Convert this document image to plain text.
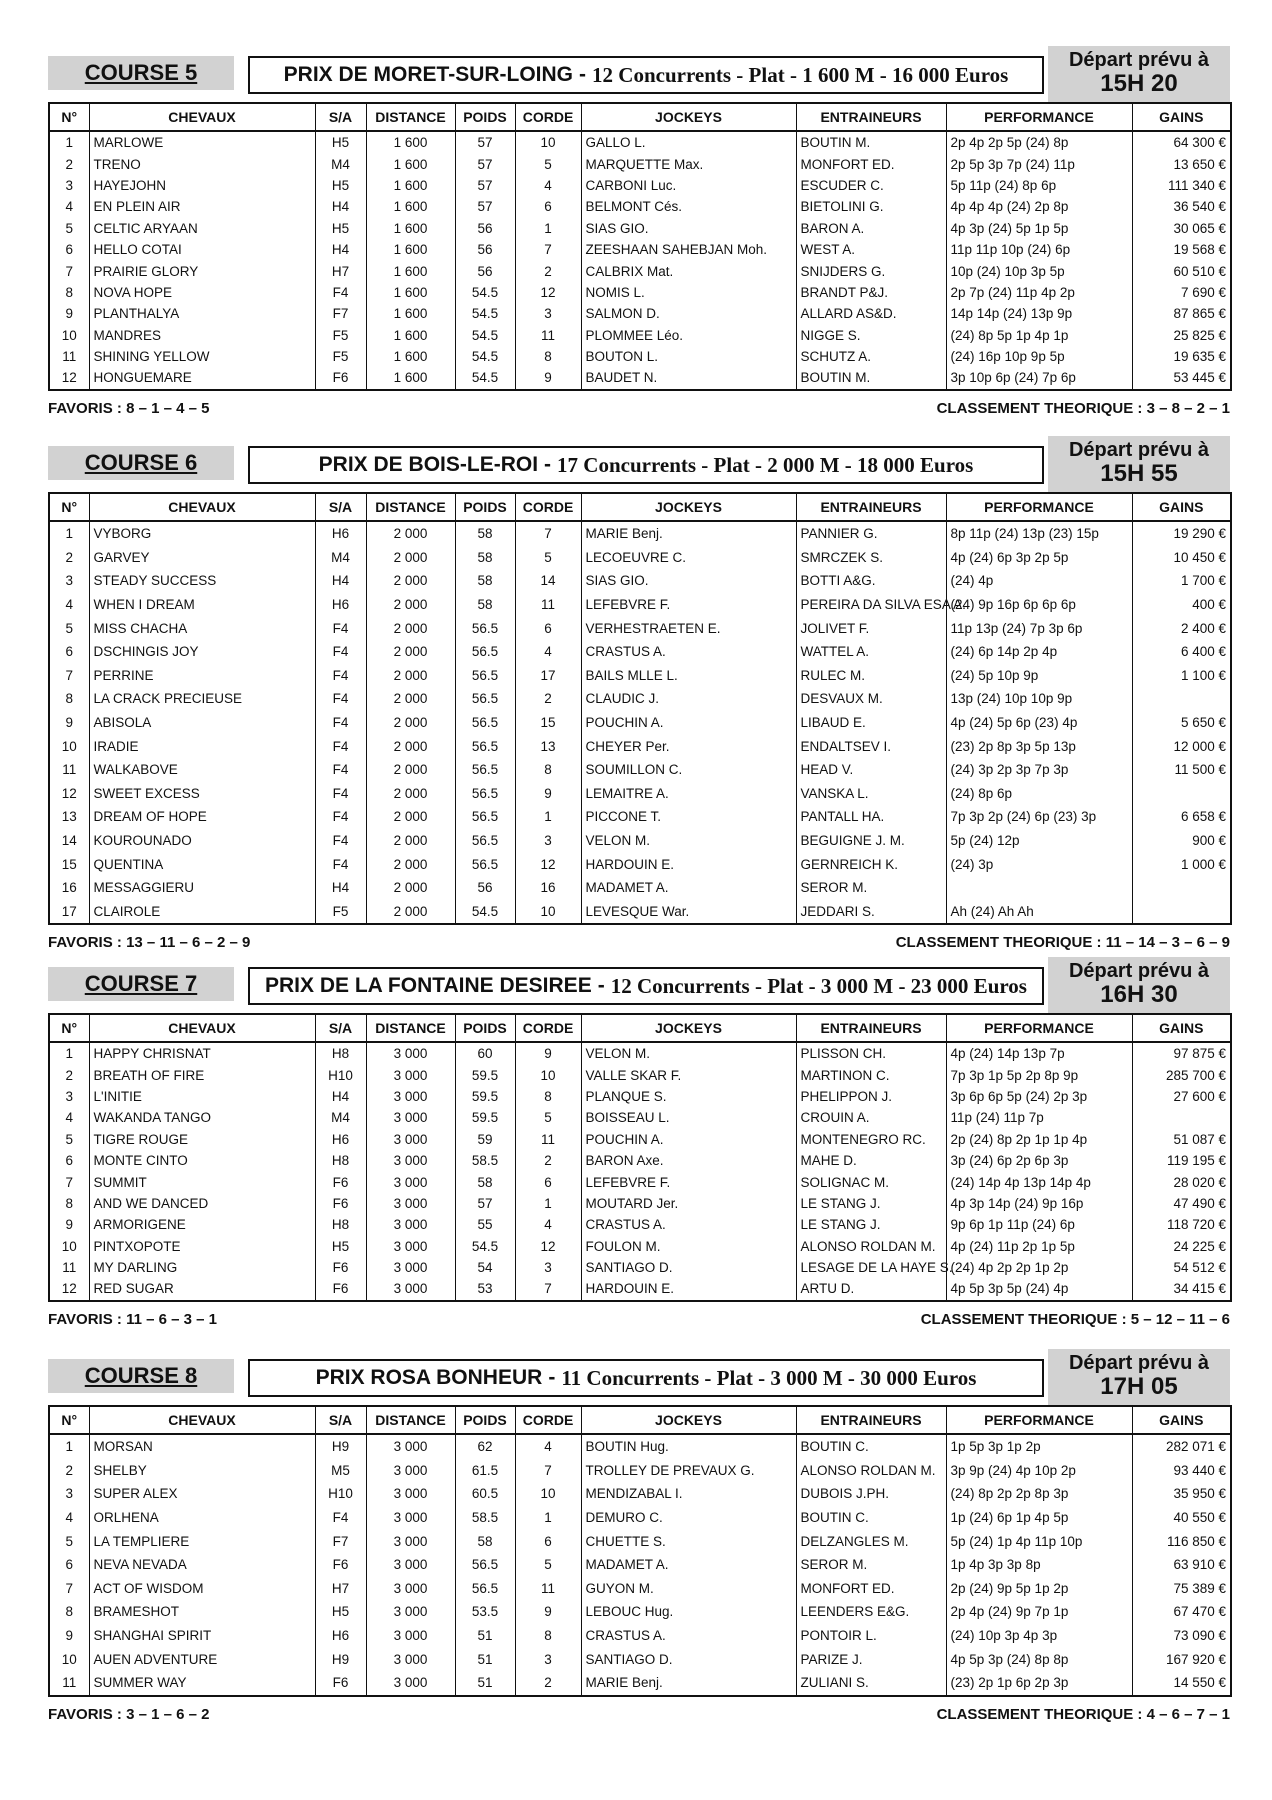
COURSE 5	PRIX DE MORET-SUR-LOING - 12 Concurrents - Plat - 1 600 M - 16 000 Euros
Départ prévu à
15H 20
N°	CHEVAUX	S/A	DISTANCE	POIDS	CORDE	JOCKEYS	ENTRAINEURS	PERFORMANCE	GAINS
1	MARLOWE	H5	1 600	57	10	GALLO L.	BOUTIN M.	2p 4p 2p 5p (24) 8p	64 300 €
2	TRENO	M4	1 600	57	5	MARQUETTE Max.	MONFORT ED.	2p 5p 3p 7p (24) 11p	13 650 €
3	HAYEJOHN	H5	1 600	57	4	CARBONI Luc.	ESCUDER C.	5p 11p (24) 8p 6p	111 340 €
4	EN PLEIN AIR	H4	1 600	57	6	BELMONT Cés.	BIETOLINI G.	4p 4p 4p (24) 2p 8p	36 540 €
5	CELTIC ARYAAN	H5	1 600	56	1	SIAS GIO.	BARON A.	4p 3p (24) 5p 1p 5p	30 065 €
6	HELLO COTAI	H4	1 600	56	7	ZEESHAAN SAHEBJAN Moh.	WEST A.	11p 11p 10p (24) 6p	19 568 €
7	PRAIRIE GLORY	H7	1 600	56	2	CALBRIX Mat.	SNIJDERS G.	10p (24) 10p 3p 5p	60 510 €
8	NOVA HOPE	F4	1 600	54.5	12	NOMIS L.	BRANDT P&J.	2p 7p (24) 11p 4p 2p	7 690 €
9	PLANTHALYA	F7	1 600	54.5	3	SALMON D.	ALLARD AS&D.	14p 14p (24) 13p 9p	87 865 €
10	MANDRES	F5	1 600	54.5	11	PLOMMEE Léo.	NIGGE S.	(24) 8p 5p 1p 4p 1p	25 825 €
11	SHINING YELLOW	F5	1 600	54.5	8	BOUTON L.	SCHUTZ A.	(24) 16p 10p 9p 5p	19 635 €
12	HONGUEMARE	F6	1 600	54.5	9	BAUDET N.	BOUTIN M.	3p 10p 6p (24) 7p 6p	53 445 €
FAVORIS : 8 – 1 – 4 – 5	CLASSEMENT THEORIQUE : 3 – 8 – 2 – 1
COURSE 6	PRIX DE BOIS-LE-ROI - 17 Concurrents - Plat - 2 000 M - 18 000 Euros
Départ prévu à
15H 55
N°	CHEVAUX	S/A	DISTANCE	POIDS	CORDE	JOCKEYS	ENTRAINEURS	PERFORMANCE	GAINS
1	VYBORG	H6	2 000	58	7	MARIE Benj.	PANNIER G.	8p 11p (24) 13p (23) 15p	19 290 €
2	GARVEY	M4	2 000	58	5	LECOEUVRE C.	SMRCZEK S.	4p (24) 6p 3p 2p 5p	10 450 €
3	STEADY SUCCESS	H4	2 000	58	14	SIAS GIO.	BOTTI A&G.	(24) 4p	1 700 €
4	WHEN I DREAM	H6	2 000	58	11	LEFEBVRE F.	PEREIRA DA SILVA ESA A.	(24) 9p 16p 6p 6p 6p	400 €
5	MISS CHACHA	F4	2 000	56.5	6	VERHESTRAETEN E.	JOLIVET F.	11p 13p (24) 7p 3p 6p	2 400 €
6	DSCHINGIS JOY	F4	2 000	56.5	4	CRASTUS A.	WATTEL A.	(24) 6p 14p 2p 4p	6 400 €
7	PERRINE	F4	2 000	56.5	17	BAILS MLLE L.	RULEC M.	(24) 5p 10p 9p	1 100 €
8	LA CRACK PRECIEUSE	F4	2 000	56.5	2	CLAUDIC J.	DESVAUX M.	13p (24) 10p 10p 9p	
9	ABISOLA	F4	2 000	56.5	15	POUCHIN A.	LIBAUD E.	4p (24) 5p 6p (23) 4p	5 650 €
10	IRADIE	F4	2 000	56.5	13	CHEYER Per.	ENDALTSEV I.	(23) 2p 8p 3p 5p 13p	12 000 €
11	WALKABOVE	F4	2 000	56.5	8	SOUMILLON C.	HEAD V.	(24) 3p 2p 3p 7p 3p	11 500 €
12	SWEET EXCESS	F4	2 000	56.5	9	LEMAITRE A.	VANSKA L.	(24) 8p 6p	
13	DREAM OF HOPE	F4	2 000	56.5	1	PICCONE T.	PANTALL HA.	7p 3p 2p (24) 6p (23) 3p	6 658 €
14	KOUROUNADO	F4	2 000	56.5	3	VELON M.	BEGUIGNE J. M.	5p (24) 12p	900 €
15	QUENTINA	F4	2 000	56.5	12	HARDOUIN E.	GERNREICH K.	(24) 3p	1 000 €
16	MESSAGGIERU	H4	2 000	56	16	MADAMET A.	SEROR M.		
17	CLAIROLE	F5	2 000	54.5	10	LEVESQUE War.	JEDDARI S.	Ah (24) Ah Ah	
FAVORIS : 13 – 11 – 6 – 2 – 9	CLASSEMENT THEORIQUE : 11 – 14 – 3 – 6 – 9
COURSE 7	PRIX DE LA FONTAINE DESIREE - 12 Concurrents - Plat - 3 000 M - 23 000 Euros
Départ prévu à
16H 30
N°	CHEVAUX	S/A	DISTANCE	POIDS	CORDE	JOCKEYS	ENTRAINEURS	PERFORMANCE	GAINS
1	HAPPY CHRISNAT	H8	3 000	60	9	VELON M.	PLISSON CH.	4p (24) 14p 13p 7p	97 875 €
2	BREATH OF FIRE	H10	3 000	59.5	10	VALLE SKAR F.	MARTINON C.	7p 3p 1p 5p 2p 8p 9p	285 700 €
3	L'INITIE	H4	3 000	59.5	8	PLANQUE S.	PHELIPPON J.	3p 6p 6p 5p (24) 2p 3p	27 600 €
4	WAKANDA TANGO	M4	3 000	59.5	5	BOISSEAU L.	CROUIN A.	11p (24) 11p 7p	
5	TIGRE ROUGE	H6	3 000	59	11	POUCHIN A.	MONTENEGRO RC.	2p (24) 8p 2p 1p 1p 4p	51 087 €
6	MONTE CINTO	H8	3 000	58.5	2	BARON Axe.	MAHE D.	3p (24) 6p 2p 6p 3p	119 195 €
7	SUMMIT	F6	3 000	58	6	LEFEBVRE F.	SOLIGNAC M.	(24) 14p 4p 13p 14p 4p	28 020 €
8	AND WE DANCED	F6	3 000	57	1	MOUTARD Jer.	LE STANG J.	4p 3p 14p (24) 9p 16p	47 490 €
9	ARMORIGENE	H8	3 000	55	4	CRASTUS A.	LE STANG J.	9p 6p 1p 11p (24) 6p	118 720 €
10	PINTXOPOTE	H5	3 000	54.5	12	FOULON M.	ALONSO ROLDAN M.	4p (24) 11p 2p 1p 5p	24 225 €
11	MY DARLING	F6	3 000	54	3	SANTIAGO D.	LESAGE DE LA HAYE S.	(24) 4p 2p 2p 1p 2p	54 512 €
12	RED SUGAR	F6	3 000	53	7	HARDOUIN E.	ARTU D.	4p 5p 3p 5p (24) 4p	34 415 €
FAVORIS : 11 – 6 – 3 – 1	CLASSEMENT THEORIQUE : 5 – 12 – 11 – 6
COURSE 8	PRIX ROSA BONHEUR - 11 Concurrents - Plat - 3 000 M - 30 000 Euros
Départ prévu à
17H 05
N°	CHEVAUX	S/A	DISTANCE	POIDS	CORDE	JOCKEYS	ENTRAINEURS	PERFORMANCE	GAINS
1	MORSAN	H9	3 000	62	4	BOUTIN Hug.	BOUTIN C.	1p 5p 3p 1p 2p	282 071 €
2	SHELBY	M5	3 000	61.5	7	TROLLEY DE PREVAUX G.	ALONSO ROLDAN M.	3p 9p (24) 4p 10p 2p	93 440 €
3	SUPER ALEX	H10	3 000	60.5	10	MENDIZABAL I.	DUBOIS J.PH.	(24) 8p 2p 2p 8p 3p	35 950 €
4	ORLHENA	F4	3 000	58.5	1	DEMURO C.	BOUTIN C.	1p (24) 6p 1p 4p 5p	40 550 €
5	LA TEMPLIERE	F7	3 000	58	6	CHUETTE S.	DELZANGLES M.	5p (24) 1p 4p 11p 10p	116 850 €
6	NEVA NEVADA	F6	3 000	56.5	5	MADAMET A.	SEROR M.	1p 4p 3p 3p 8p	63 910 €
7	ACT OF WISDOM	H7	3 000	56.5	11	GUYON M.	MONFORT ED.	2p (24) 9p 5p 1p 2p	75 389 €
8	BRAMESHOT	H5	3 000	53.5	9	LEBOUC Hug.	LEENDERS E&G.	2p 4p (24) 9p 7p 1p	67 470 €
9	SHANGHAI SPIRIT	H6	3 000	51	8	CRASTUS A.	PONTOIR L.	(24) 10p 3p 4p 3p	73 090 €
10	AUEN ADVENTURE	H9	3 000	51	3	SANTIAGO D.	PARIZE J.	4p 5p 3p (24) 8p 8p	167 920 €
11	SUMMER WAY	F6	3 000	51	2	MARIE Benj.	ZULIANI S.	(23) 2p 1p 6p 2p 3p	14 550 €
FAVORIS : 3 – 1 – 6 – 2	CLASSEMENT THEORIQUE : 4 – 6 – 7 – 1
